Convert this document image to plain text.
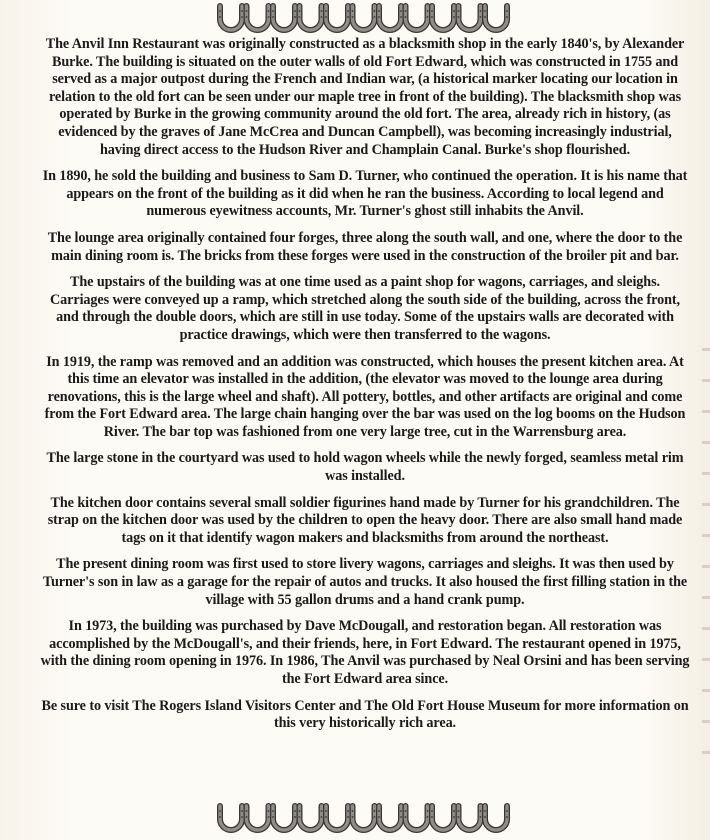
The Anvil Inn Restaurant was originally constructed as a blacksmith shop in the early 1840's, by Alexander Burke. The building is situated on the outer walls of old Fort Edward, which was constructed in 1755 and served as a major outpost during the French and Indian war, (a historical marker locating our location in relation to the old fort can be seen under our maple tree in front of the building). The blacksmith shop was operated by Burke in the growing community around the old fort. The area, already rich in history, (as evidenced by the graves of Jane McCrea and Duncan Campbell), was becoming increasingly industrial, having direct access to the Hudson River and Champlain Canal. Burke's shop flourished.

In 1890, he sold the building and business to Sam D. Turner, who continued the operation. It is his name that appears on the front of the building as it did when he ran the business. According to local legend and numerous eyewitness accounts, Mr. Turner's ghost still inhabits the Anvil.

The lounge area originally contained four forges, three along the south wall, and one, where the door to the main dining room is. The bricks from these forges were used in the construction of the broiler pit and bar.

The upstairs of the building was at one time used as a paint shop for wagons, carriages, and sleighs. Carriages were conveyed up a ramp, which stretched along the south side of the building, across the front, and through the double doors, which are still in use today. Some of the upstairs walls are decorated with practice drawings, which were then transferred to the wagons.

In 1919, the ramp was removed and an addition was constructed, which houses the present kitchen area. At this time an elevator was installed in the addition, (the elevator was moved to the lounge area during renovations, this is the large wheel and shaft). All pottery, bottles, and other artifacts are original and come from the Fort Edward area. The large chain hanging over the bar was used on the log booms on the Hudson River. The bar top was fashioned from one very large tree, cut in the Warrensburg area.

The large stone in the courtyard was used to hold wagon wheels while the newly forged, seamless metal rim was installed.

The kitchen door contains several small soldier figurines hand made by Turner for his grandchildren. The strap on the kitchen door was used by the children to open the heavy door. There are also small hand made tags on it that identify wagon makers and blacksmiths from around the northeast.

The present dining room was first used to store livery wagons, carriages and sleighs. It was then used by Turner's son in law as a garage for the repair of autos and trucks. It also housed the first filling station in the village with 55 gallon drums and a hand crank pump.

In 1973, the building was purchased by Dave McDougall, and restoration began. All restoration was accomplished by the McDougall's, and their friends, here, in Fort Edward. The restaurant opened in 1975, with the dining room opening in 1976. In 1986, The Anvil was purchased by Neal Orsini and has been serving the Fort Edward area since.

Be sure to visit The Rogers Island Visitors Center and The Old Fort House Museum for more information on this very historically rich area.
